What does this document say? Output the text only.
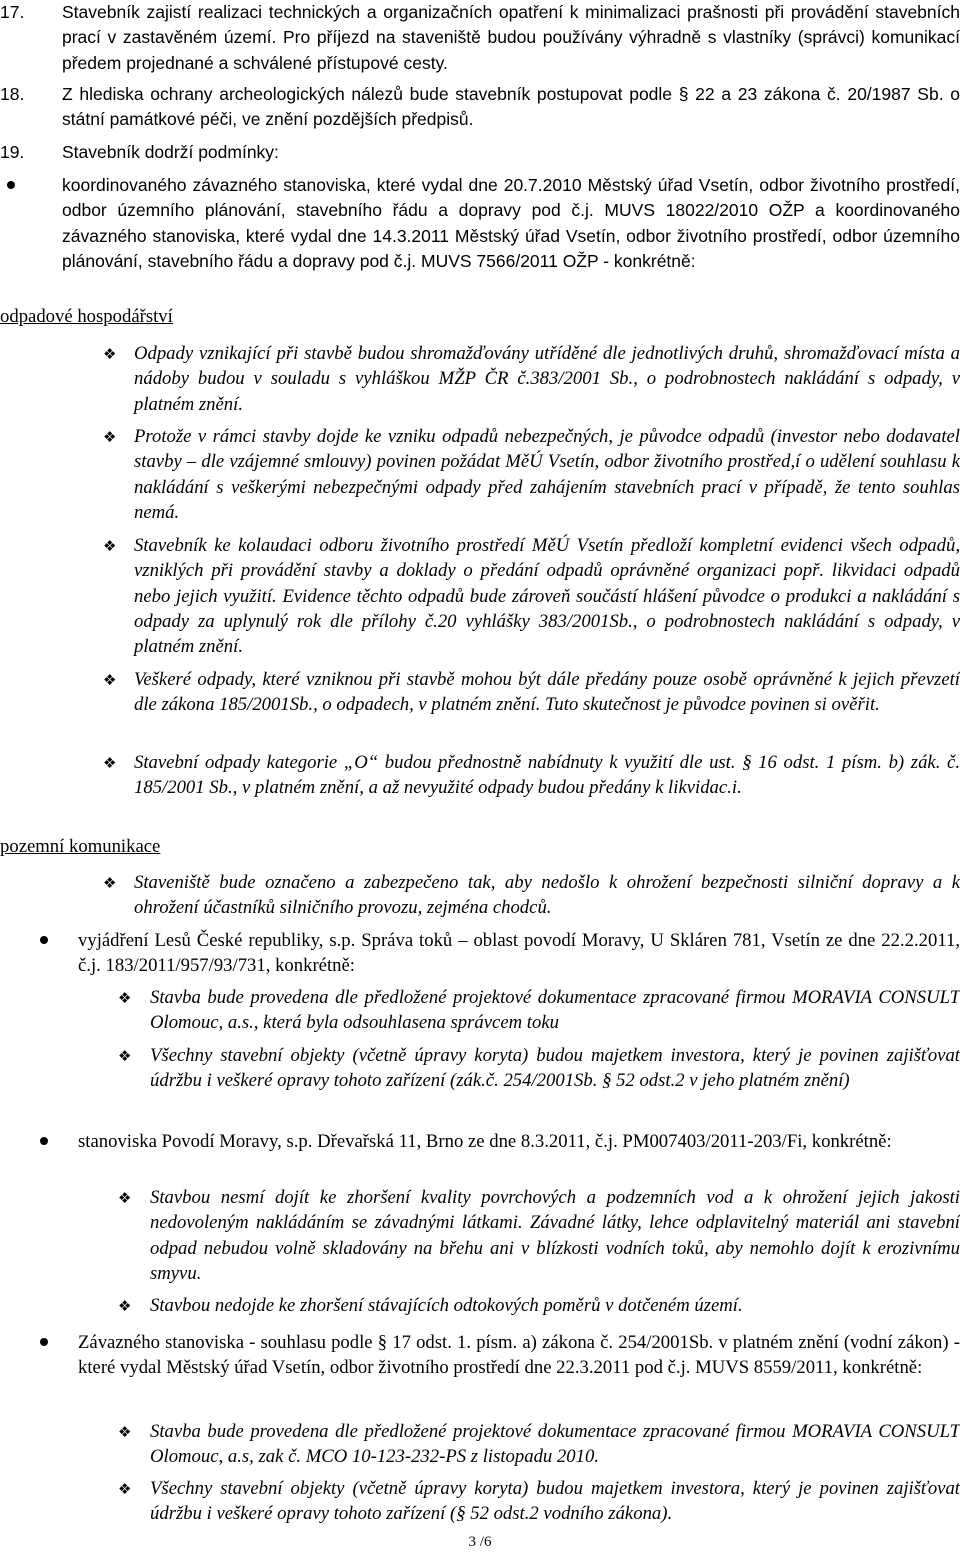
17. Stavebník zajistí realizaci technických a organizačních opatření k minimalizaci prašnosti při provádění stavebních prací v zastavěném území. Pro příjezd na staveniště budou používány výhradně s vlastníky (správci) komunikací předem projednané a schválené přístupové cesty.
18. Z hlediska ochrany archeologických nálezů bude stavebník postupovat podle § 22 a 23 zákona č. 20/1987 Sb. o státní památkové péči, ve znění pozdějších předpisů.
19. Stavebník dodrží podmínky:
koordinovaného závazného stanoviska, které vydal dne 20.7.2010 Městský úřad Vsetín, odbor životního prostředí, odbor územního plánování, stavebního řádu a dopravy pod č.j. MUVS 18022/2010 OŽP a koordinovaného závazného stanoviska, které vydal dne 14.3.2011 Městský úřad Vsetín, odbor životního prostředí, odbor územního plánování, stavebního řádu a dopravy pod č.j. MUVS 7566/2011 OŽP - konkrétně:
odpadové hospodářství
❖ Odpady vznikající při stavbě budou shromažďovány utříděné dle jednotlivých druhů, shromažďovací místa a nádoby budou v souladu s vyhláškou MŽP ČR č.383/2001 Sb., o podrobnostech nakládání s odpady, v platném znění.
❖ Protože v rámci stavby dojde ke vzniku odpadů nebezpečných, je původce odpadů (investor nebo dodavatel stavby – dle vzájemné smlouvy) povinen požádat MěÚ Vsetín, odbor životního prostřed,í o udělení souhlasu k nakládání s veškerými nebezpečnými odpady před zahájením stavebních prací v případě, že tento souhlas nemá.
❖ Stavebník ke kolaudaci odboru životního prostředí MěÚ Vsetín předloží kompletní evidenci všech odpadů, vzniklých při provádění stavby a doklady o předání odpadů oprávněné organizaci popř. likvidaci odpadů nebo jejich využití. Evidence těchto odpadů bude zároveň součástí hlášení původce o produkci a nakládání s odpady za uplynulý rok dle přílohy č.20 vyhlášky 383/2001Sb., o podrobnostech nakládání s odpady, v platném znění.
❖ Veškeré odpady, které vzniknou při stavbě mohou být dále předány pouze osobě oprávněné k jejich převzetí dle zákona 185/2001Sb., o odpadech, v platném znění. Tuto skutečnost je původce povinen si ověřit.
❖ Stavební odpady kategorie „O“ budou přednostně nabídnuty k využití dle ust. § 16 odst. 1 písm. b) zák. č. 185/2001 Sb., v platném znění, a až nevyužité odpady budou předány k likvidac.i.
pozemní komunikace
❖ Staveniště bude označeno a zabezpečeno tak, aby nedošlo k ohrožení bezpečnosti silniční dopravy a k ohrožení účastníků silničního provozu, zejména chodců.
vyjádření Lesů České republiky, s.p. Správa toků – oblast povodí Moravy, U Skláren 781, Vsetín ze dne 22.2.2011, č.j. 183/2011/957/93/731, konkrétně:
❖ Stavba bude provedena dle předložené projektové dokumentace zpracované firmou MORAVIA CONSULT Olomouc, a.s., která byla odsouhlasena správcem toku
❖ Všechny stavební objekty (včetně úpravy koryta) budou majetkem investora, který je povinen zajišťovat údržbu i veškeré opravy tohoto zařízení (zák.č. 254/2001Sb. § 52 odst.2 v jeho platném znění)
stanoviska Povodí Moravy, s.p. Dřevařská 11, Brno ze dne 8.3.2011, č.j. PM007403/2011-203/Fi, konkrétně:
❖ Stavbou nesmí dojít ke zhoršení kvality povrchových a podzemních vod a k ohrožení jejich jakosti nedovoleným nakládáním se závadnými látkami. Závadné látky, lehce odplavitelný materiál ani stavební odpad nebudou volně skladovány na břehu ani v blízkosti vodních toků, aby nemohlo dojít k erozivnímu smyvu.
❖ Stavbou nedojde ke zhoršení stávajících odtokových poměrů v dotčeném území.
Závazného stanoviska - souhlasu podle § 17 odst. 1. písm. a) zákona č. 254/2001Sb. v platném znění (vodní zákon) - které vydal Městský úřad Vsetín, odbor životního prostředí dne 22.3.2011 pod č.j. MUVS 8559/2011, konkrétně:
❖ Stavba bude provedena dle předložené projektové dokumentace zpracované firmou MORAVIA CONSULT Olomouc, a.s, zak č. MCO 10-123-232-PS z listopadu 2010.
❖ Všechny stavební objekty (včetně úpravy koryta) budou majetkem investora, který je povinen zajišťovat údržbu i veškeré opravy tohoto zařízení (§ 52 odst.2 vodního zákona).
3 /6
